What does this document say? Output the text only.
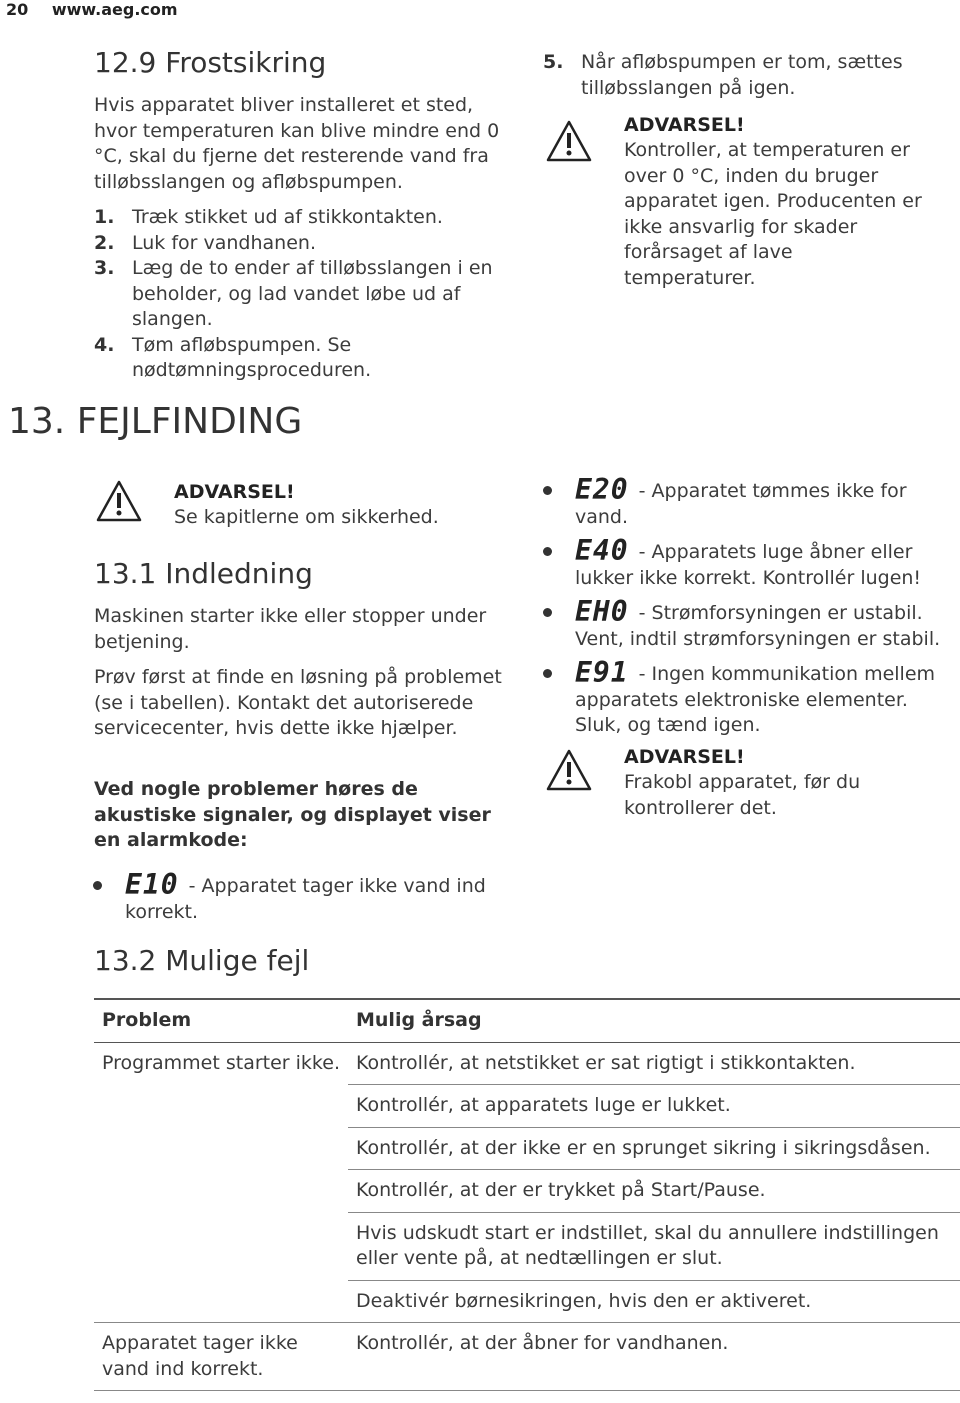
20 www.aeg.com
12.9 Frostsikring

Hvis apparatet bliver installeret et sted, hvor temperaturen kan blive mindre end 0 °C, skal du fjerne det resterende vand fra tilløbsslangen og afløbspumpen.

1. Træk stikket ud af stikkontakten.
2. Luk for vandhanen.
3. Læg de to ender af tilløbsslangen i en beholder, og lad vandet løbe ud af slangen.
4. Tøm afløbspumpen. Se nødtømningsproceduren.
5. Når afløbspumpen er tom, sættes tilløbsslangen på igen.
ADVARSEL!
Kontroller, at temperaturen er over 0 °C, inden du bruger apparatet igen. Producenten er ikke ansvarlig for skader forårsaget af lave temperaturer.
13. FEJLFINDING
ADVARSEL!
Se kapitlerne om sikkerhed.
13.1 Indledning

Maskinen starter ikke eller stopper under betjening.

Prøv først at finde en løsning på problemet (se i tabellen). Kontakt det autoriserede servicecenter, hvis dette ikke hjælper.

Ved nogle problemer høres de akustiske signaler, og displayet viser en alarmkode:

E10 - Apparatet tager ikke vand ind korrekt.
E20 - Apparatet tømmes ikke for vand.
E40 - Apparatets luge åbner eller lukker ikke korrekt. Kontrollér lugen!
EH0 - Strømforsyningen er ustabil. Vent, indtil strømforsyningen er stabil.
E91 - Ingen kommunikation mellem apparatets elektroniske elementer. Sluk, og tænd igen.
ADVARSEL!
Frakobl apparatet, før du kontrollerer det.
13.2 Mulige fejl
Problem	Mulig årsag
Programmet starter ikke.	Kontrollér, at netstikket er sat rigtigt i stikkontakten.
	Kontrollér, at apparatets luge er lukket.
	Kontrollér, at der ikke er en sprunget sikring i sikringsdåsen.
	Kontrollér, at der er trykket på Start/Pause.
	Hvis udskudt start er indstillet, skal du annullere indstillingen eller vente på, at nedtællingen er slut.
	Deaktivér børnesikringen, hvis den er aktiveret.
Apparatet tager ikke vand ind korrekt.	Kontrollér, at der åbner for vandhanen.
